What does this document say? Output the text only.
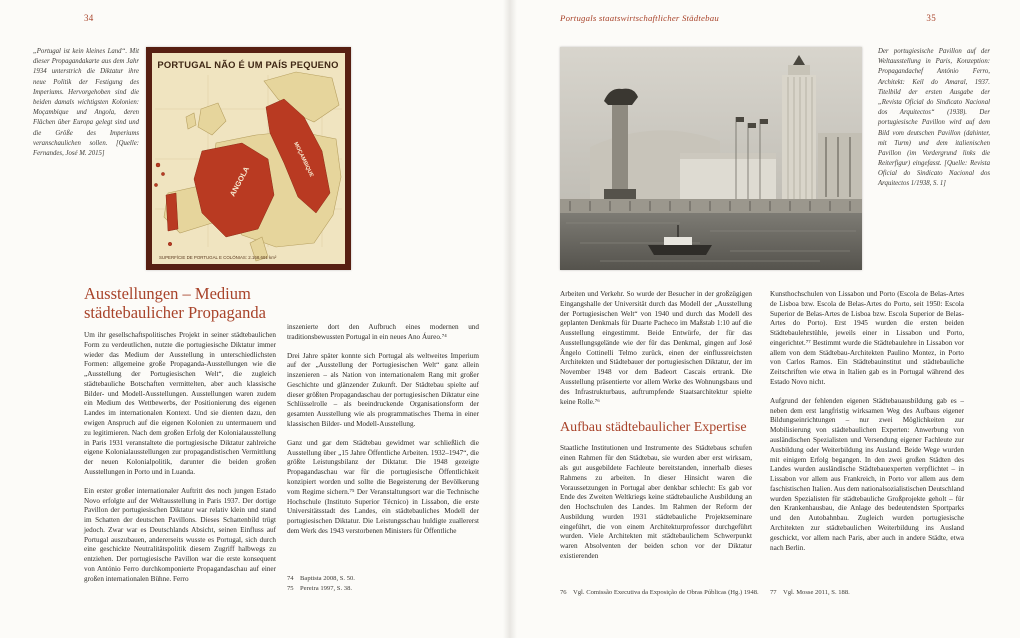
34
„Portugal ist kein kleines Land“. Mit dieser Propagandakarte aus dem Jahr 1934 unterstrich die Diktatur ihre neue Politik der Festigung des Imperiums. Hervorgehoben sind die beiden damals wichtigsten Kolonien: Moçambique und Angola, deren Flächen über Europa gelegt sind und die Größe des Imperiums veranschaulichen sollen. [Quelle: Fernandes, José M. 2015]
PORTUGAL NÃO É UM PAÍS PEQUENO
ANGOLA
MOÇAMBIQUE
SUPERFÍCIE DE PORTUGAL E COLÓNIAS: 2.168.691 km²
Ausstellungen – Medium städtebaulicher Propaganda

Um ihr gesellschaftspolitisches Projekt in seiner städtebaulichen Form zu verdeutlichen, nutzte die portugiesische Diktatur immer wieder das Medium der Ausstellung in unterschiedlichsten Formen: allgemeine große Propaganda-Ausstellungen wie die „Ausstellung der Portugiesischen Welt“, die zugleich städtebauliche Botschaften vermittelten, aber auch klassische Bilder- und Modell-Ausstellungen. Ausstellungen waren zudem ein Medium des Wettbewerbs, der Positionierung des eigenen Landes im internationalen Kontext. Und sie dienten dazu, den ewigen Anspruch auf die eigenen Kolonien zu untermauern und zu legitimieren. Nach dem großen Erfolg der Kolonialausstellung in Paris 1931 veranstaltete die portugiesische Diktatur zahlreiche eigene Kolonialausstellungen zur propagandistischen Vermittlung der neuen Kolonialpolitik, darunter die beiden großen Ausstellungen in Porto und in Luanda.

Ein erster großer internationaler Auftritt des noch jungen Estado Novo erfolgte auf der Weltausstellung in Paris 1937. Der dortige Pavillon der portugiesischen Diktatur war relativ klein und stand im Schatten der deutschen Pavillons. Dieses Schattenbild trügt jedoch. Zwar war es Deutschlands Absicht, seinen Einfluss auf Portugal auszubauen, andererseits wusste es Portugal, sich durch eine geschickte Neutralitätspolitik diesem Zugriff halbwegs zu entziehen. Der portugiesische Pavillon war die erste konsequent von António Ferro durchkomponierte Propagandaschau auf einer großen internationalen Bühne. Ferro

inszenierte dort den Aufbruch eines modernen und traditionsbewussten Portugal in ein neues Ano Áureo.⁷⁴

Drei Jahre später konnte sich Portugal als weltweites Imperium auf der „Ausstellung der Portugiesischen Welt“ ganz allein inszenieren – als Nation von internationalem Rang mit großer Geschichte und glänzender Zukunft. Der Städtebau spielte auf dieser größten Propagandaschau der portugiesischen Diktatur eine Schlüsselrolle – als beeindruckende Organisationsform der gesamten Ausstellung wie als programmatisches Thema in einer klassischen Bilder- und Modell-Ausstellung.

Ganz und gar dem Städtebau gewidmet war schließlich die Ausstellung über „15 Jahre Öffentliche Arbeiten. 1932–1947“, die größte Leistungsbilanz der Diktatur. Die 1948 gezeigte Propagandaschau war für die portugiesische Öffentlichkeit konzipiert worden und sollte die Begeisterung der Bevölkerung vom Regime sichern.⁷⁵ Der Veranstaltungsort war die Technische Hochschule (Instituto Superior Técnico) in Lissabon, die erste Universitätsstadt des Landes, ein städtebauliches Modell der portugiesischen Diktatur. Die Leistungsschau huldigte zuallererst dem Werk des 1943 verstorbenen Ministers für Öffentliche

74 Baptista 2008, S. 50.
75 Pereira 1997, S. 38.
Portugals staatswirtschaftlicher Städtebau	35
Der portugiesische Pavillon auf der Weltausstellung in Paris, Konzeption: Propagandachef António Ferro, Architekt: Keil do Amaral, 1937. Titelbild der ersten Ausgabe der „Revista Oficial do Sindicato Nacional dos Arquitectos“ (1938). Der portugiesische Pavillon wird auf dem Bild vom deutschen Pavillon (dahinter, mit Turm) und dem italienischen Pavillon (im Vordergrund links die Reiterfigur) eingefasst. [Quelle: Revista Oficial do Sindicato Nacional dos Arquitectos 1/1938, S. 1]

Arbeiten und Verkehr. So wurde der Besucher in der großzügigen Eingangshalle der Universität durch das Modell der „Ausstellung der Portugiesischen Welt“ von 1940 und durch das Modell des geplanten Denkmals für Duarte Pacheco im Maßstab 1:10 auf die Ausstellung eingestimmt. Beide Entwürfe, der für das Ausstellungsgelände wie der für das Denkmal, gingen auf José Ângelo Cottinelli Telmo zurück, einen der einflussreichsten Architekten und Städtebauer der portugiesischen Diktatur, der im November 1948 vor dem Badeort Cascais ertrank. Die Ausstellung präsentierte vor allem Werke des Wohnungsbaus und des Infrastrukturbaus, auftrumpfende Staatsarchitektur spielte keine Rolle.⁷⁶

Aufbau städtebaulicher Expertise

Staatliche Institutionen und Instrumente des Städtebaus schufen einen Rahmen für den Städtebau, sie wurden aber erst wirksam, als gut ausgebildete Fachleute bereitstanden, innerhalb dieses Rahmens zu arbeiten. In dieser Hinsicht waren die Voraussetzungen in Portugal aber denkbar schlecht: Es gab vor Ende des Zweiten Weltkriegs keine städtebauliche Ausbildung an den Hochschulen des Landes. Im Rahmen der Reform der Ausbildung wurden 1931 städtebauliche Projektseminare eingeführt, die von einem Architekturprofessor durchgeführt wurden. Viele Architekten mit städtebaulichem Schwerpunkt waren Absolventen der beiden schon vor der Diktatur existierenden

Kunsthochschulen von Lissabon und Porto (Escola de Belas-Artes de Lisboa bzw. Escola de Belas-Artes do Porto, seit 1950: Escola Superior de Belas-Artes de Lisboa bzw. Escola Superior de Belas-Artes do Porto). Erst 1945 wurden die ersten beiden Städtebaulehrstühle, jeweils einer in Lissabon und Porto, eingerichtet.⁷⁷ Bestimmt wurde die Städtebaulehre in Lissabon vor allem von dem Städtebau-Architekten Paulino Montez, in Porto von Carlos Ramos. Ein Städtebauinstitut und städtebauliche Zeitschriften wie etwa in Italien gab es in Portugal während des Estado Novo nicht.

Aufgrund der fehlenden eigenen Städtebauausbildung gab es – neben dem erst langfristig wirksamen Weg des Aufbaus eigener Bildungseinrichtungen – nur zwei Möglichkeiten zur Mobilisierung von städtebaulichen Experten: Anwerbung von ausländischen Spezialisten und Versendung eigener Fachleute zur Ausbildung oder Weiterbildung ins Ausland. Beide Wege wurden mit einigem Erfolg begangen. In den zwei großen Städten des Landes wurden ausländische Städtebauexperten verpflichtet – in Lissabon vor allem aus Frankreich, in Porto vor allem aus dem faschistischen Italien. Aus dem nationalsozialistischen Deutschland wurden Spezialisten für städtebauliche Großprojekte geholt – für den Krankenhausbau, die Anlage des bedeutendsten Sportparks und den Autobahnbau. Zugleich wurden portugiesische Architekten zur städtebaulichen Weiterbildung ins Ausland geschickt, vor allem nach Paris, aber auch in andere Städte, etwa nach Berlin.

76 Vgl. Comissão Executiva da Exposição de Obras Públicas (Hg.) 1948. 77 Vgl. Mosse 2011, S. 188.
